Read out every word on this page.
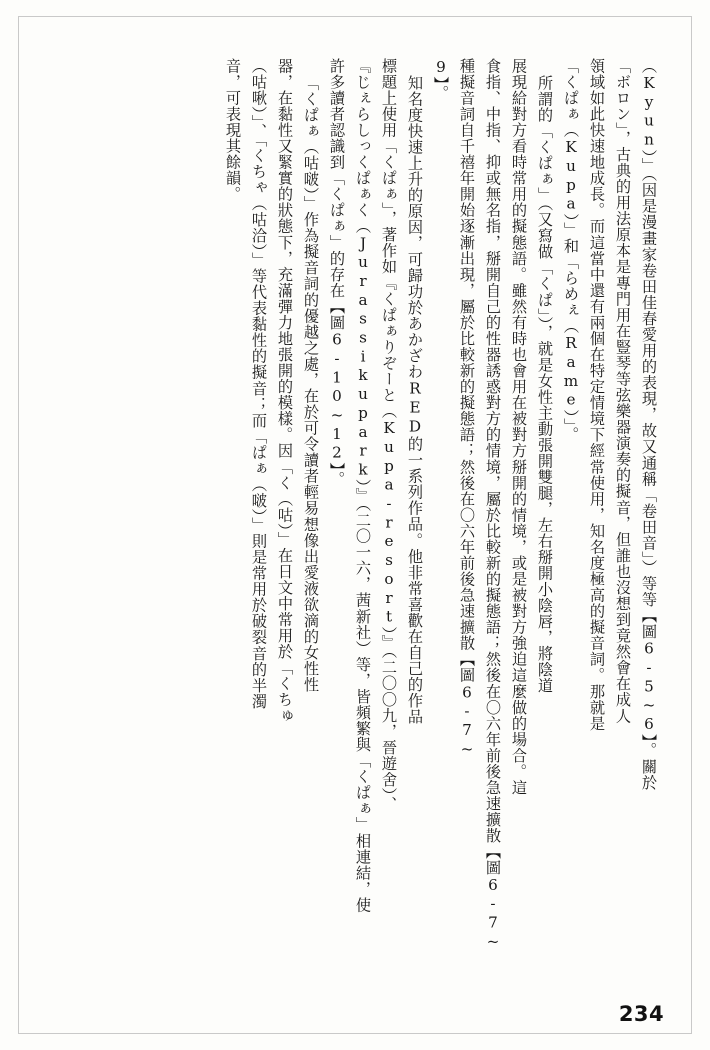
（Kyun）」（因是漫畫家卷田佳春愛用的表現，故又通稱「卷田音」）等等【圖6-5~6】。關於
「ボロン」，古典的用法原本是專門用在豎琴等弦樂器演奏的擬音，但誰也沒想到竟然會在成人
領域如此快速地成長。而這當中還有兩個在特定情境下經常使用，知名度極高的擬音詞。那就是
「くぱぁ（Kupa）」和「らめぇ（Rame）」。
所謂的「くぱぁ」（又寫做「くぱ」），就是女性主動張開雙腿，左右掰開小陰唇，將陰道
展現給對方看時常用的擬態語。雖然有時也會用在被對方掰開的情境，或是被對方強迫這麼做的場合。這
食指、中指、抑或無名指，掰開自己的性器誘惑對方的情境，屬於比較新的擬態語；然後在〇六年前後急速擴散【圖6-7~
種擬音詞自千禧年開始逐漸出現，屬於比較新的擬態語；然後在〇六年前後急速擴散【圖6-7~
9】。
知名度快速上升的原因，可歸功於あかざわRED的一系列作品。他非常喜歡在自己的作品
標題上使用「くぱぁ」，著作如『くぱぁりぞーと（Kupa-resort）』（二〇〇九，晉遊舍）、
『じぇらしっくぱぁく（Jurassikupark）』（二〇一六，茜新社）等，皆頻繁與「くぱぁ」相連結，使
許多讀者認識到「くぱぁ」的存在【圖6-10~12】。
「くぱぁ（咕啵）」作為擬音詞的優越之處，在於可令讀者輕易想像出愛液欲滴的女性性
器，在黏性又緊實的狀態下，充滿彈力地張開的模樣。因「く（咕）」在日文中常用於「くちゅ
（咕啾）」、「くちゃ（咕洽）」等代表黏性的擬音；而「ぱぁ（啵）」則是常用於破裂音的半濁
音，可表現其餘韻。
234
